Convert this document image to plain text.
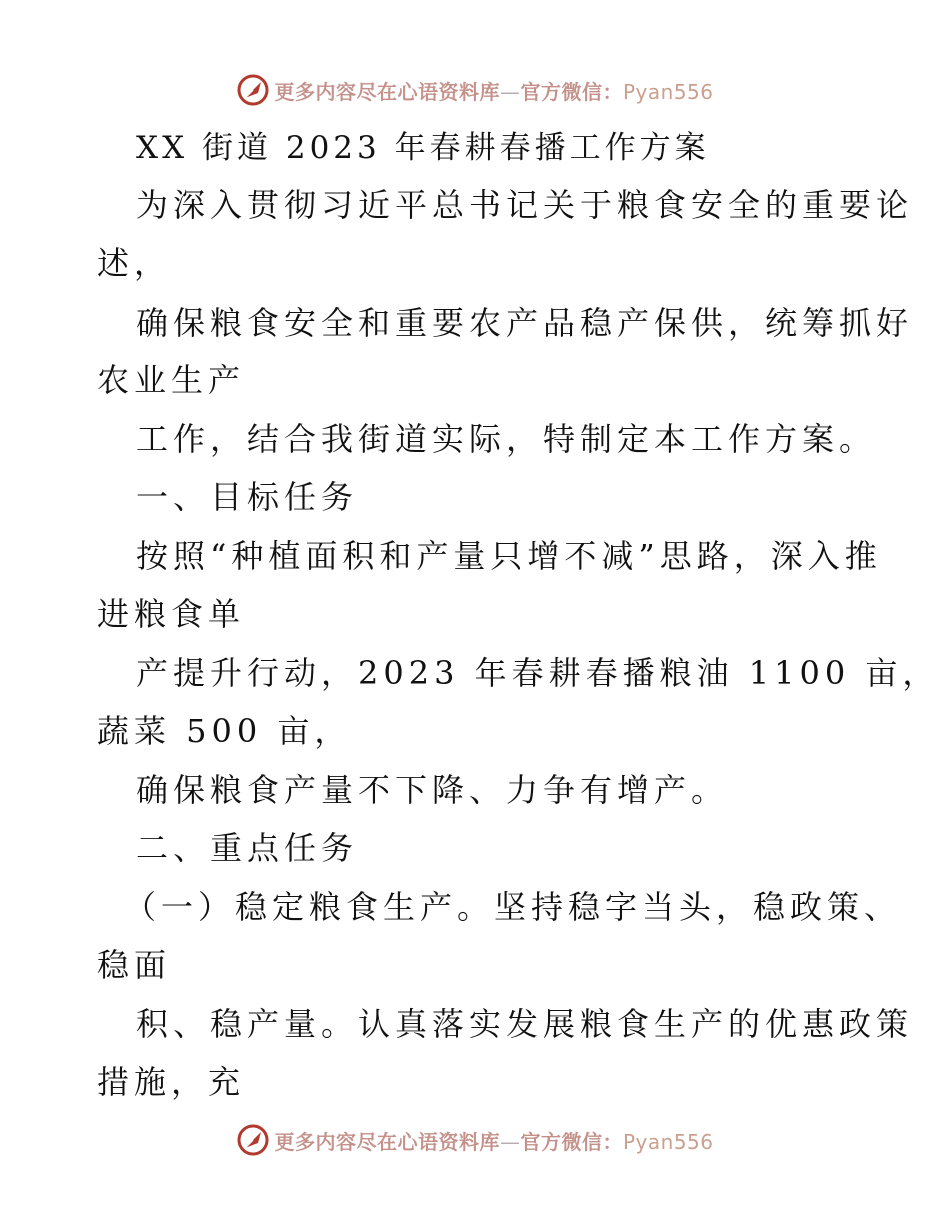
更多内容尽在心语资料库—官方微信：Pyan556
XX 街道 2023 年春耕春播工作方案
为深入贯彻习近平总书记关于粮食安全的重要论
述，
确保粮食安全和重要农产品稳产保供，统筹抓好
农业生产
工作，结合我街道实际，特制定本工作方案。
一、目标任务
按照“种植面积和产量只增不减”思路，深入推
进粮食单
产提升行动，2023 年春耕春播粮油 1100 亩，
蔬菜 500 亩，
确保粮食产量不下降、力争有增产。
二、重点任务
（一）稳定粮食生产。坚持稳字当头，稳政策、
稳面
积、稳产量。认真落实发展粮食生产的优惠政策
措施，充
更多内容尽在心语资料库—官方微信：Pyan556
